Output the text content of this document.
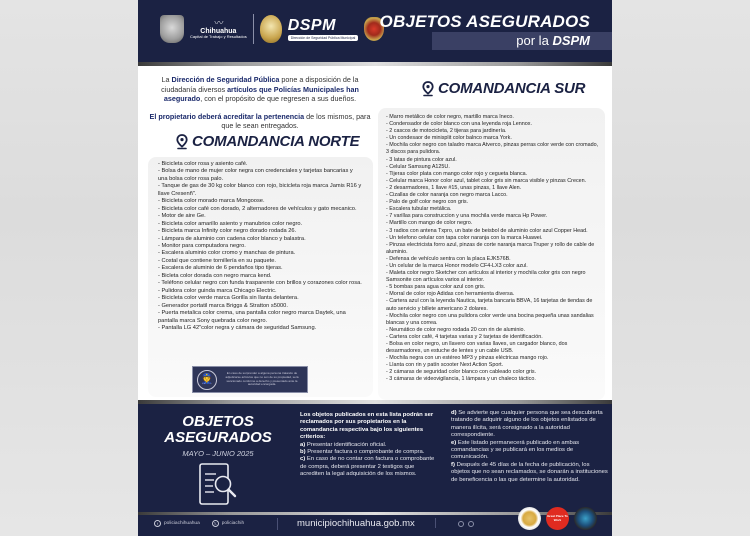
〰
Chihuahua
Capital de Trabajo y Resultados
DSPM
Dirección de Seguridad Pública Municipal
OBJETOS ASEGURADOS
por la DSPM

La Dirección de Seguridad Pública pone a disposición de la ciudadanía diversos artículos que Policías Municipales han asegurado, con el propósito de que regresen a sus dueños.

El propietario deberá acreditar la pertenencia de los mismos, para que le sean entregados.

COMANDANCIA NORTE
- Bicicleta color rosa y asiento café.
- Bolsa de mano de mujer color negra con credenciales y tarjetas bancarias y una bolsa color rosa palo.
- Tanque de gas de 30 kg color blanco con rojo, bicicleta roja marca Jamis R16 y llave Cresenñ".
- Bicicleta color morado marca Mongoose.
- Bicicleta color café con dorado, 2 alternadores de vehículos y gato mecanico.
- Motor de aire Ge.
- Bicicleta color amarillo asiento y manubrios color negro.
- Bicicleta marca Infinity color negro dorado rodada 26.
- Lámpara de aluminio con cadena color blanco y balastra.
- Monitor para computadora negro.
- Escalera aluminio color cromo y manchas de pintura.
- Costal que contiene tornillería en su paquete.
- Escalera de aluminio de 6 pendaños tipo tijeras.
- Bicleta color dorada con negro marca kend.
- Teléfono celular negro con funda trasparente con brillos y corazones color rosa.
- Pulidora color guinda marca Chicago Electric.
- Bicicleta color verde marca Gorilla sin llanta delantera.
- Generador portatil marca Briggs & Stratton s5000.
- Puerta metalica color crema, una pantalla color negro marca Daytek, una pantalla marca Sony quebrada color negro.
- Pantalla LG 42"color negra y cámara de seguridad Samsung.
👮
En caso de sorprender a alguna persona tratando de adjudicarse artículos que no son de su propiedad, será sancionado conforme a derecho y presentado ante la autoridad encargada.
COMANDANCIA SUR
- Marro metálico de color negro, martillo marca Ineco.
- Condensador de color blanco con una leyenda roja Lennox.
- 2 cascos de motocicleta, 2 tijeras para jardinería.
- Un condesaor de minisplit color balnco marca York.
- Mochila color negro con taladro marca Atverco, pinzas perras color verde con cromado, 3 discos para pulidora.
- 3 latas de pintura color azul.
- Celular Samsung A125U.
- Tijeras color plata con mango color rojo y cegueta blanca.
- Celular marca Honor color azul, tablet color gris sin marca visible y pinzas Crecen.
- 2 desarmadores, 1 llave #15, unas pinzas, 1 llave Alen.
- Cizallas de color naranja con negro marca Lacco.
- Palo de golf color negro con gris.
- Escalera tubular metálica.
- 7 varillas para construccion y una mochila verde marca Hp Power.
- Martillo con mango de color negro.
- 3 radios con antena Txpro, un bate de beisbol de aluminio color azul Copper Head.
- Un telefono celular con tapa color naranja con la marca Huawei.
- Pinzas electricista forro azul, pinzas de corte naranja marca Truper y rollo de cable de aluminio.
- Defensa de vehículo sentra con la placa EJK576B.
- Un celular de la marca Honor modelo CF4-LX3 color azul.
- Maleta color negro Sketcher con artículos al interior y mochila color gris con negro Samsonite con artículos varios al interior.
- 5 bombas para agua color azul con gris.
- Morral de color rojo Adidas con herramienta diversa.
- Cartera azul con la leyenda Nautica, tarjeta bancaria BBVA, 16 tarjetas de tiendas de auto servicio y billete americano 2 dolares.
- Mochila color negro con una pulidora color verde una bocina pequeña unas sandalias blancas y una correa.
- Neumático de color negro rodada 20 con rin de aluminio.
- Cartera color café, 4 tarjetas varias y 2 tarjetas de identificación.
- Bolsa en color negro, un llavero con varias llaves, un cargador blanco, dos desarmadores, un estuche de lentes y un cable USB.
- Mochila negra con un estéreo MP3 y pinzas eléctricas mango rojo.
- Llanta con rin y patín scooter Next Action Sport.
- 2 cámaras de seguridad color blanco con cableado color gris.
- 3 cámaras de videovigilancia, 1 lámpara y un chaleco táctico.
OBJETOS
ASEGURADOS
MAYO – JUNIO 2025
Los objetos publicados en esta lista podrán ser reclamados por sus propietarios en la comandancia respectiva bajo los siguientes criterios:
a) Presentar identificación oficial.
b) Presentar factura o comprobante de compra.
c) En caso de no contar con factura o comprobante de compra, deberá presentar 2 testigos que acrediten la legal adquisición de los mismos.
d) Se advierte que cualquier persona que sea descubierta tratando de adquirir alguno de los objetos enlistados de manera ilícita, será consignado a la autoridad correspondiente.
e) Este listado permanecerá publicado en ambas comandancias y se publicará en los medios de comunicación.
f) Después de 45 días de la fecha de publicación, los objetos que no sean reclamados, se donarán a instituciones de beneficencia o las que determine la autoridad.
f	policiachihuahua	𝕏	policiachih	municipiochihuahua.gob.mx
Great Place To Work
